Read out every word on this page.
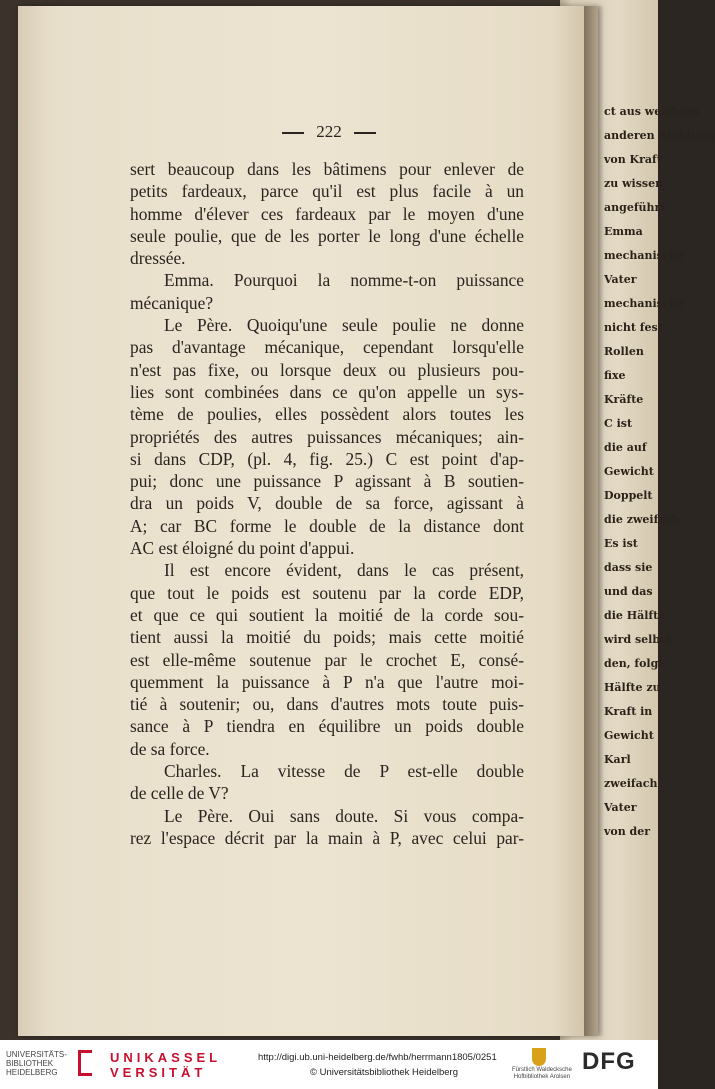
ct aus welchem
anderen Richtung
von Kraft
zu wissen
angeführt
Emma
mechanische
Vater
mechanische
nicht fest
Rollen
fixe
Kräfte
C ist
die auf
Gewicht
Doppelt
die zweifach
Es ist
dass sie
und das
die Hälfte
wird selbst
den, folgt
Hälfte zu
Kraft in
Gewicht
Karl
zweifach
Vater
von der
222
sert beaucoup dans les bâtimens pour enlever de
petits fardeaux, parce qu'il est plus facile à un
homme d'élever ces fardeaux par le moyen d'une
seule poulie, que de les porter le long d'une échelle
dressée.
Emma. Pourquoi la nomme-t-on puissance
mécanique?
Le Père. Quoiqu'une seule poulie ne donne
pas d'avantage mécanique, cependant lorsqu'elle
n'est pas fixe, ou lorsque deux ou plusieurs pou-
lies sont combinées dans ce qu'on appelle un sys-
tème de poulies, elles possèdent alors toutes les
propriétés des autres puissances mécaniques; ain-
si dans CDP, (pl. 4, fig. 25.) C est point d'ap-
pui; donc une puissance P agissant à B soutien-
dra un poids V, double de sa force, agissant à
A; car BC forme le double de la distance dont
AC est éloigné du point d'appui.
Il est encore évident, dans le cas présent,
que tout le poids est soutenu par la corde EDP,
et que ce qui soutient la moitié de la corde sou-
tient aussi la moitié du poids; mais cette moitié
est elle-même soutenue par le crochet E, consé-
quemment la puissance à P n'a que l'autre moi-
tié à soutenir; ou, dans d'autres mots toute puis-
sance à P tiendra en équilibre un poids double
de sa force.
Charles. La vitesse de P est-elle double
de celle de V?
Le Père. Oui sans doute. Si vous compa-
rez l'espace décrit par la main à P, avec celui par-
UNIVERSITÄTS-
BIBLIOTHEK
HEIDELBERG
UNIKASSEL
VERSITÄT
http://digi.ub.uni-heidelberg.de/fwhb/herrmann1805/0251
© Universitätsbibliothek Heidelberg	Fürstlich Waldecksche
Hofbibliothek Arolsen
DFG
